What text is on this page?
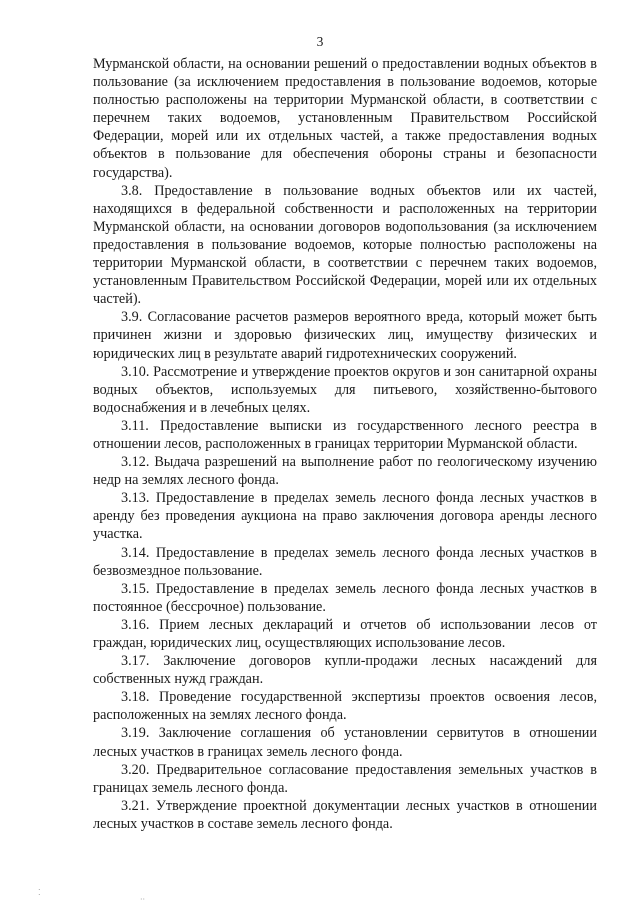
3

Мурманской области, на основании решений о предоставлении водных объектов в пользование (за исключением предоставления в пользование водоемов, которые полностью расположены на территории Мурманской области, в соответствии с перечнем таких водоемов, установленным Правительством Российской Федерации, морей или их отдельных частей, а также предоставления водных объектов в пользование для обеспечения обороны страны и безопасности государства).

3.8. Предоставление в пользование водных объектов или их частей, находящихся в федеральной собственности и расположенных на территории Мурманской области, на основании договоров водопользования (за исключением предоставления в пользование водоемов, которые полностью расположены на территории Мурманской области, в соответствии с перечнем таких водоемов, установленным Правительством Российской Федерации, морей или их отдельных частей).

3.9. Согласование расчетов размеров вероятного вреда, который может быть причинен жизни и здоровью физических лиц, имуществу физических и юридических лиц в результате аварий гидротехнических сооружений.

3.10. Рассмотрение и утверждение проектов округов и зон санитарной охраны водных объектов, используемых для питьевого, хозяйственно-бытового водоснабжения и в лечебных целях.

3.11. Предоставление выписки из государственного лесного реестра в отношении лесов, расположенных в границах территории Мурманской области.

3.12. Выдача разрешений на выполнение работ по геологическому изучению недр на землях лесного фонда.

3.13. Предоставление в пределах земель лесного фонда лесных участков в аренду без проведения аукциона на право заключения договора аренды лесного участка.

3.14. Предоставление в пределах земель лесного фонда лесных участков в безвозмездное пользование.

3.15. Предоставление в пределах земель лесного фонда лесных участков в постоянное (бессрочное) пользование.

3.16. Прием лесных деклараций и отчетов об использовании лесов от граждан, юридических лиц, осуществляющих использование лесов.

3.17. Заключение договоров купли-продажи лесных насаждений для собственных нужд граждан.

3.18. Проведение государственной экспертизы проектов освоения лесов, расположенных на землях лесного фонда.

3.19. Заключение соглашения об установлении сервитутов в отношении лесных участков в границах земель лесного фонда.

3.20. Предварительное согласование предоставления земельных участков в границах земель лесного фонда.

3.21. Утверждение проектной документации лесных участков в отношении лесных участков в составе земель лесного фонда.

⁚
··
